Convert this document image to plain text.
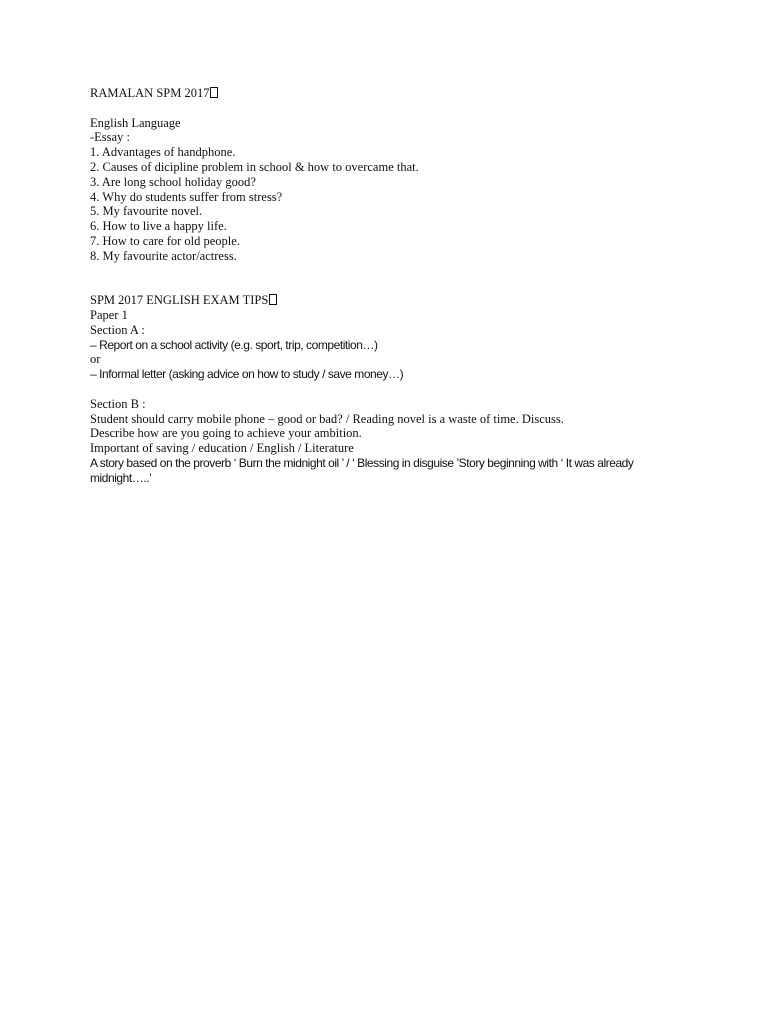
RAMALAN SPM 2017
English Language
-Essay :
1. Advantages of handphone.
2. Causes of dicipline problem in school & how to overcame that.
3. Are long school holiday good?
4. Why do students suffer from stress?
5. My favourite novel.
6. How to live a happy life.
7. How to care for old people.
8. My favourite actor/actress.
SPM 2017 ENGLISH EXAM TIPS
Paper 1
Section A :
– Report on a school activity (e.g. sport, trip, competition…)
or
– Informal letter (asking advice on how to study / save money…)
Section B :
Student should carry mobile phone – good or bad? / Reading novel is a waste of time. Discuss.
Describe how are you going to achieve your ambition.
Important of saving / education / English / Literature
A story based on the proverb ‘ Burn the midnight oil ’ / ‘ Blessing in disguise ’Story beginning with ‘ It was already midnight…..’
